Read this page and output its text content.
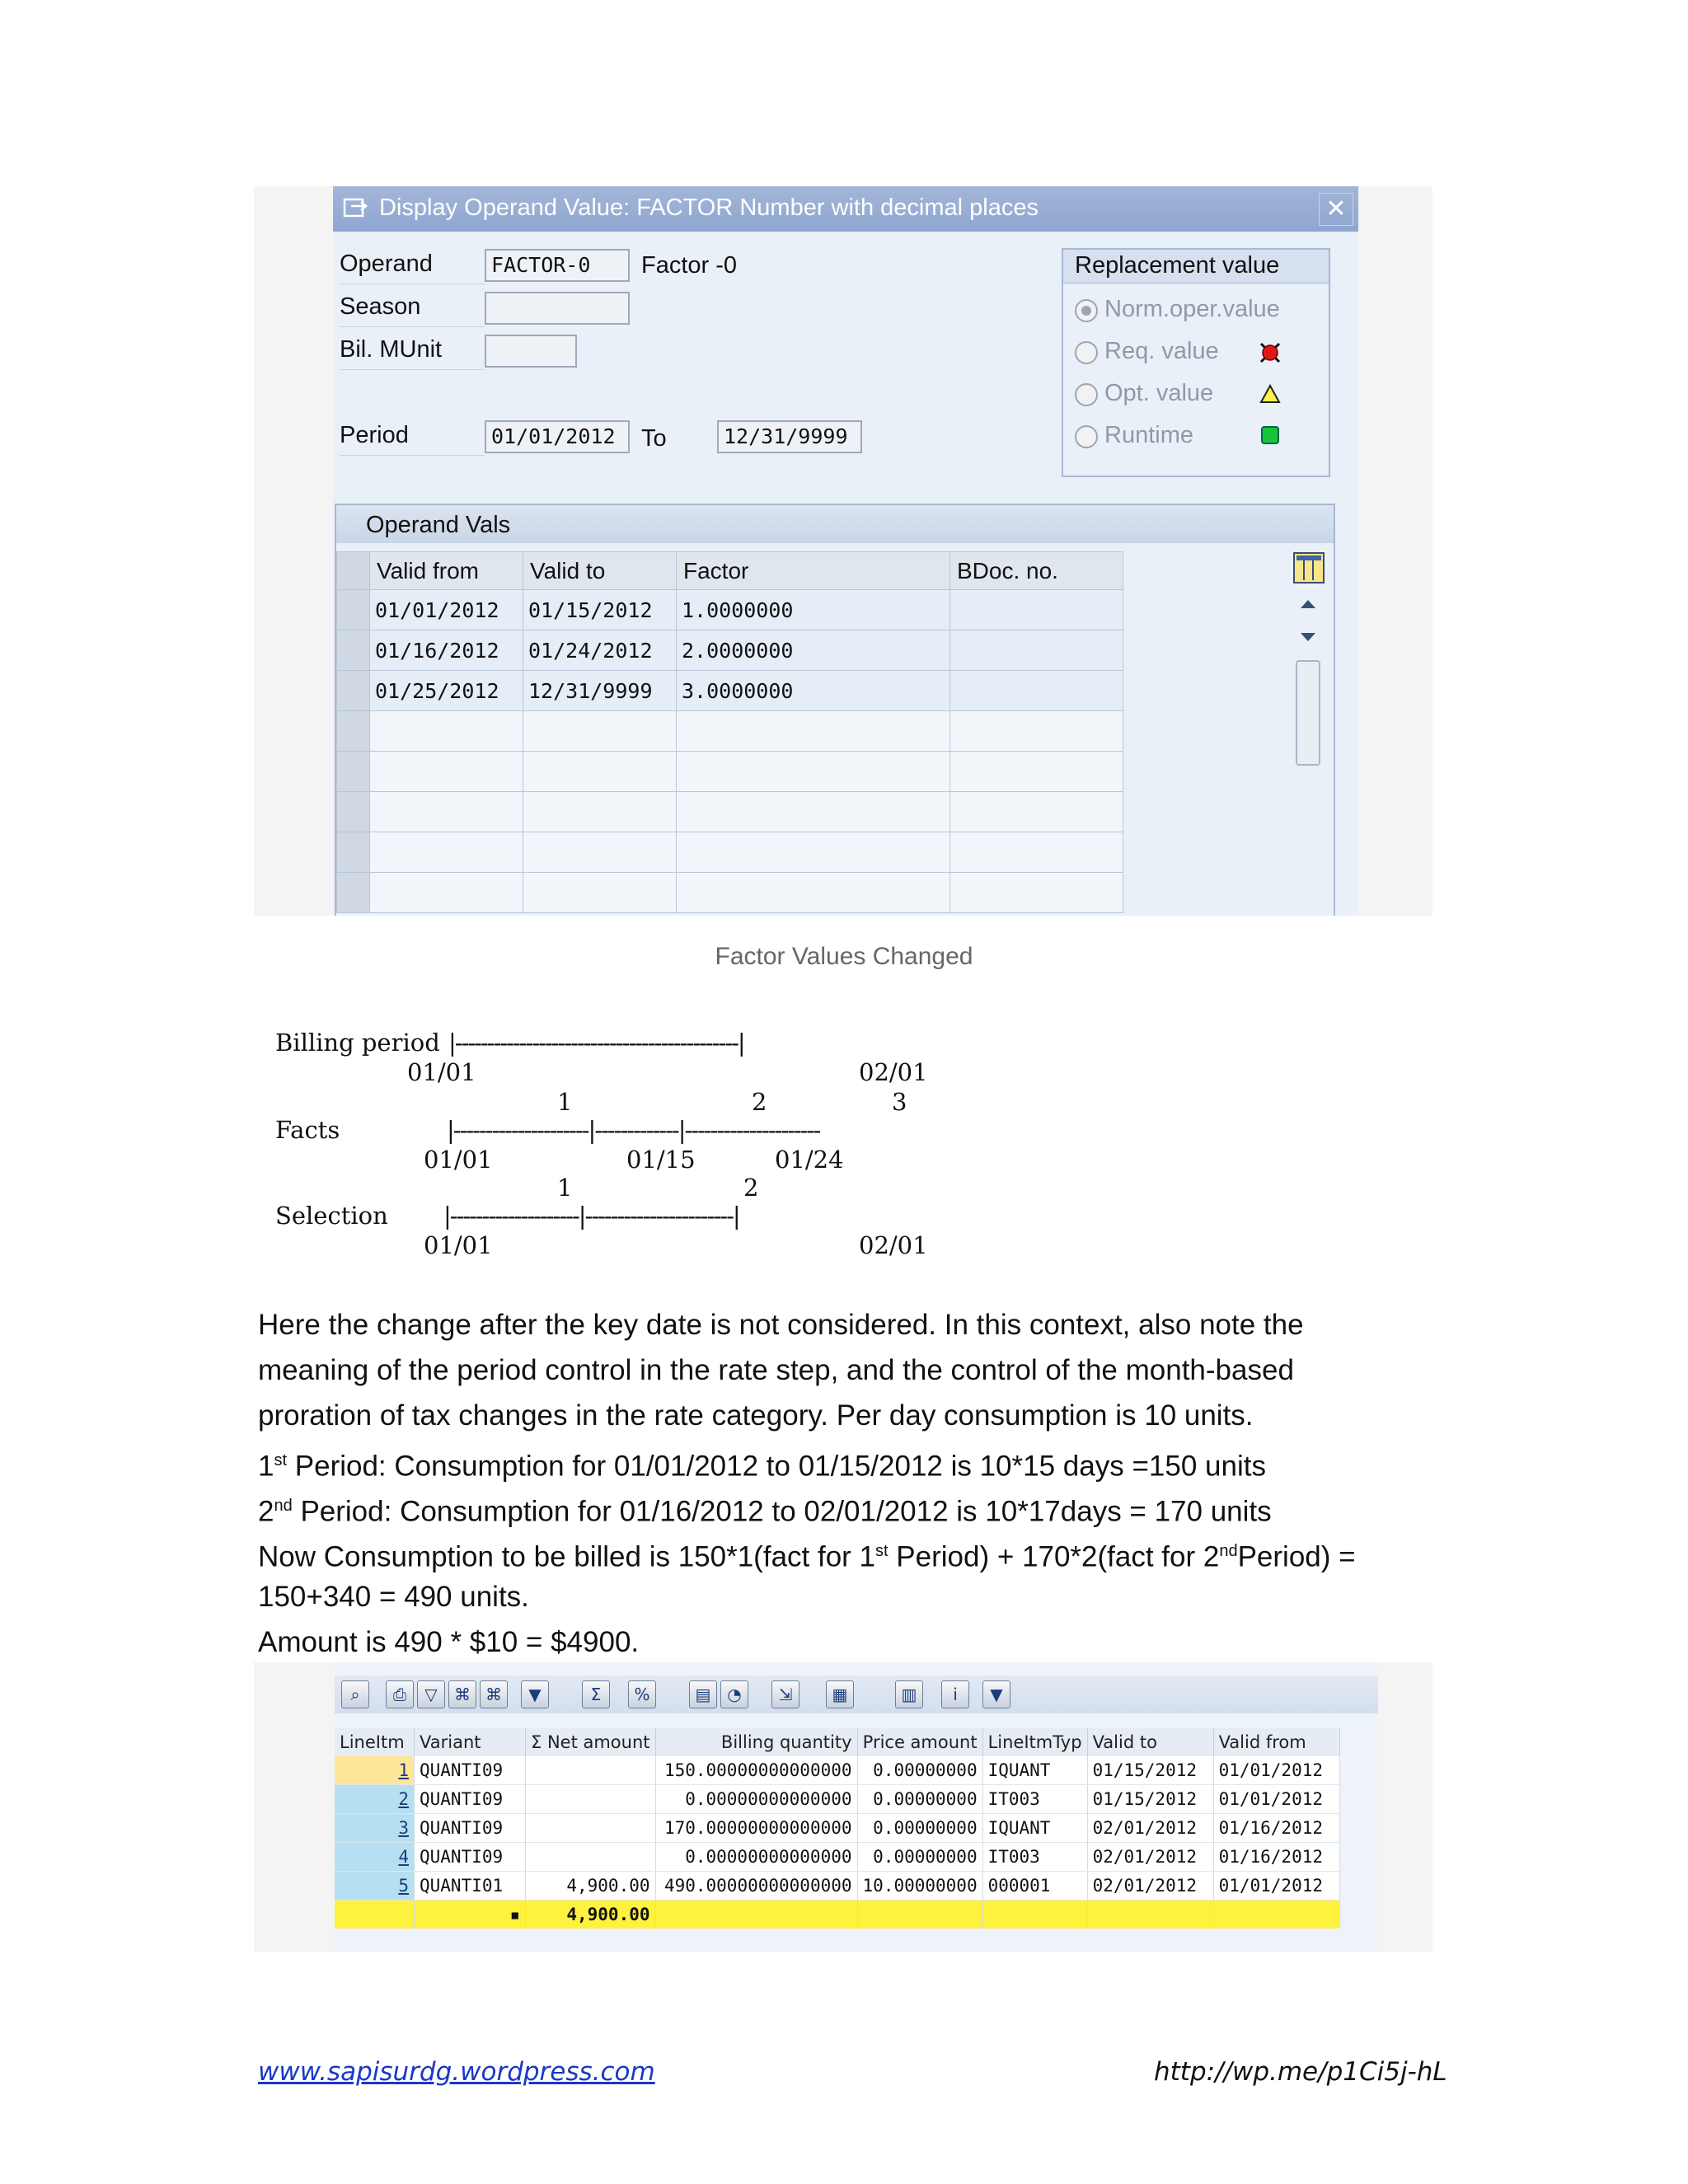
Display Operand Value: FACTOR Number with decimal places	✕
Operand	FACTOR-0	Factor -0
Season
Bil. MUnit
Period	01/01/2012	To	12/31/9999
Replacement value
Norm.oper.value
Req. value
Opt. value
Runtime
Operand Vals
	Valid from	Valid to	Factor	BDoc. no.
	01/01/2012	01/15/2012	1.0000000	
	01/16/2012	01/24/2012	2.0000000	
	01/25/2012	12/31/9999	3.0000000	

Factor Values Changed
Billing period |--------------------------------------------|
01/01	02/01
1	2	3
Facts	|---------------------|-------------|---------------------
01/01	01/15	01/24
1	2
Selection |--------------------|-----------------------|
01/01	02/01
Here the change after the key date is not considered. In this context, also note the
meaning of the period control in the rate step, and the control of the month-based
proration of tax changes in the rate category. Per day consumption is 10 units.
1st Period: Consumption for 01/01/2012 to 01/15/2012 is 10*15 days =150 units
2nd Period: Consumption for 01/16/2012 to 02/01/2012 is 10*17days = 170 units
Now Consumption to be billed is 150*1(fact for 1st Period) + 170*2(fact for 2ndPeriod) =
150+340 = 490 units.
Amount is 490 * $10 = $4900.
⌕	⎙	▽	⌘ ⌘	▼	Σ	%	▤ ◔	⇲	▦	▥	i	▼
LineItm	Variant	Σ Net amount	Billing quantity	Price amount	LineItmTyp	Valid to	Valid from
1	QUANTI09		150.00000000000000	0.00000000	IQUANT	01/15/2012	01/01/2012
2	QUANTI09		0.00000000000000	0.00000000	IT003	01/15/2012	01/01/2012
3	QUANTI09		170.00000000000000	0.00000000	IQUANT	02/01/2012	01/16/2012
4	QUANTI09		0.00000000000000	0.00000000	IT003	02/01/2012	01/16/2012
5	QUANTI01	4,900.00	490.00000000000000	10.00000000	000001	02/01/2012	01/01/2012
	▪	4,900.00					
www.sapisurdg.wordpress.com	http://wp.me/p1Ci5j-hL
